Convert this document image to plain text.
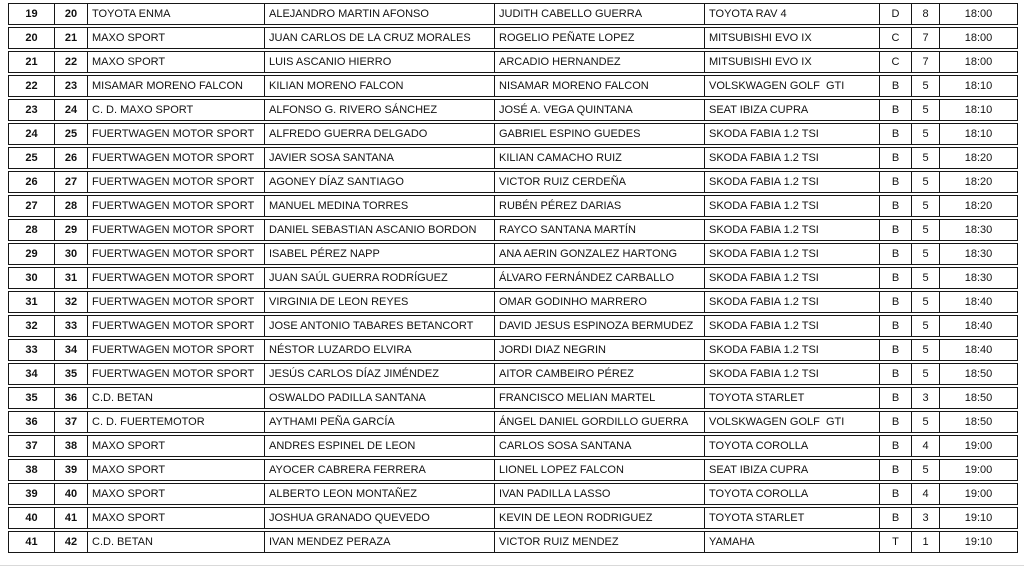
19	20	TOYOTA ENMA	ALEJANDRO MARTIN AFONSO	JUDITH CABELLO GUERRA	TOYOTA RAV 4	D	8	18:00
20	21	MAXO SPORT	JUAN CARLOS DE LA CRUZ MORALES	ROGELIO PEÑATE LOPEZ	MITSUBISHI EVO IX	C	7	18:00
21	22	MAXO SPORT	LUIS ASCANIO HIERRO	ARCADIO HERNANDEZ	MITSUBISHI EVO IX	C	7	18:00
22	23	MISAMAR MORENO FALCON	KILIAN MORENO FALCON	NISAMAR MORENO FALCON	VOLSKWAGEN GOLF  GTI	B	5	18:10
23	24	C. D. MAXO SPORT	ALFONSO G. RIVERO SÁNCHEZ	JOSÉ A. VEGA QUINTANA	SEAT IBIZA CUPRA	B	5	18:10
24	25	FUERTWAGEN MOTOR SPORT	ALFREDO GUERRA DELGADO	GABRIEL ESPINO GUEDES	SKODA FABIA 1.2 TSI	B	5	18:10
25	26	FUERTWAGEN MOTOR SPORT	JAVIER SOSA SANTANA	KILIAN CAMACHO RUIZ	SKODA FABIA 1.2 TSI	B	5	18:20
26	27	FUERTWAGEN MOTOR SPORT	AGONEY DÍAZ SANTIAGO	VICTOR RUIZ CERDEÑA	SKODA FABIA 1.2 TSI	B	5	18:20
27	28	FUERTWAGEN MOTOR SPORT	MANUEL MEDINA TORRES	RUBÉN PÉREZ DARIAS	SKODA FABIA 1.2 TSI	B	5	18:20
28	29	FUERTWAGEN MOTOR SPORT	DANIEL SEBASTIAN ASCANIO BORDON	RAYCO SANTANA MARTÍN	SKODA FABIA 1.2 TSI	B	5	18:30
29	30	FUERTWAGEN MOTOR SPORT	ISABEL PÉREZ NAPP	ANA AERIN GONZALEZ HARTONG	SKODA FABIA 1.2 TSI	B	5	18:30
30	31	FUERTWAGEN MOTOR SPORT	JUAN SAÚL GUERRA RODRÍGUEZ	ÁLVARO FERNÁNDEZ CARBALLO	SKODA FABIA 1.2 TSI	B	5	18:30
31	32	FUERTWAGEN MOTOR SPORT	VIRGINIA DE LEON REYES	OMAR GODINHO MARRERO	SKODA FABIA 1.2 TSI	B	5	18:40
32	33	FUERTWAGEN MOTOR SPORT	JOSE ANTONIO TABARES BETANCORT	DAVID JESUS ESPINOZA BERMUDEZ	SKODA FABIA 1.2 TSI	B	5	18:40
33	34	FUERTWAGEN MOTOR SPORT	NÉSTOR LUZARDO ELVIRA	JORDI DIAZ NEGRIN	SKODA FABIA 1.2 TSI	B	5	18:40
34	35	FUERTWAGEN MOTOR SPORT	JESÚS CARLOS DÍAZ JIMÉNDEZ	AITOR CAMBEIRO PÉREZ	SKODA FABIA 1.2 TSI	B	5	18:50
35	36	C.D. BETAN	OSWALDO PADILLA SANTANA	FRANCISCO MELIAN MARTEL	TOYOTA STARLET	B	3	18:50
36	37	C. D. FUERTEMOTOR	AYTHAMI PEÑA GARCÍA	ÁNGEL DANIEL GORDILLO GUERRA	VOLSKWAGEN GOLF  GTI	B	5	18:50
37	38	MAXO SPORT	ANDRES ESPINEL DE LEON	CARLOS SOSA SANTANA	TOYOTA COROLLA	B	4	19:00
38	39	MAXO SPORT	AYOCER CABRERA FERRERA	LIONEL LOPEZ FALCON	SEAT IBIZA CUPRA	B	5	19:00
39	40	MAXO SPORT	ALBERTO LEON MONTAÑEZ	IVAN PADILLA LASSO	TOYOTA COROLLA	B	4	19:00
40	41	MAXO SPORT	JOSHUA GRANADO QUEVEDO	KEVIN DE LEON RODRIGUEZ	TOYOTA STARLET	B	3	19:10
41	42	C.D. BETAN	IVAN MENDEZ PERAZA	VICTOR RUIZ MENDEZ	YAMAHA	T	1	19:10
